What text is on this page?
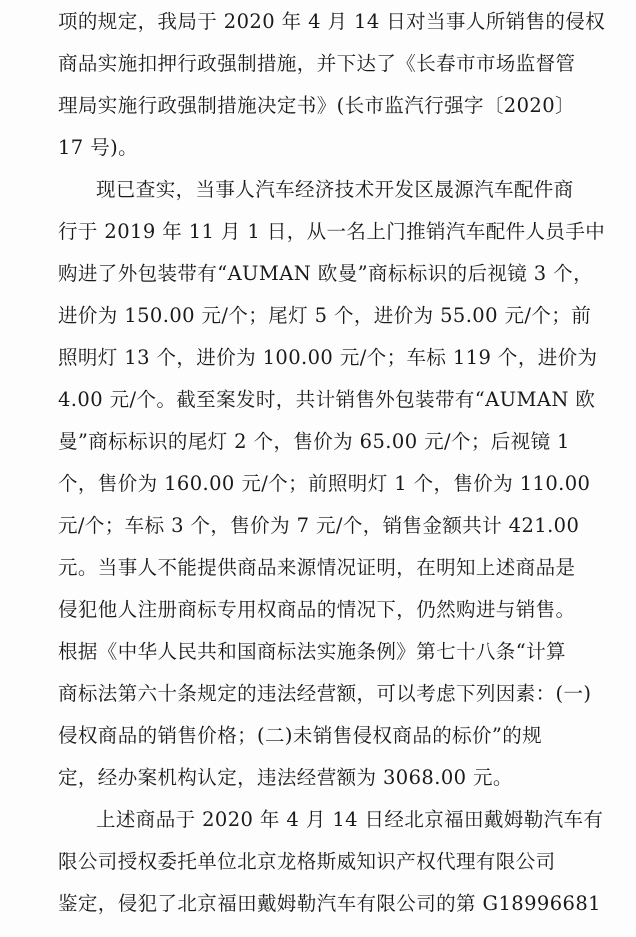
项的规定，我局于 2020 年 4 月 14 日对当事人所销售的侵权
商品实施扣押行政强制措施，并下达了《长春市市场监督管
理局实施行政强制措施决定书》(长市监汽行强字〔2020〕
17 号)。
现已查实，当事人汽车经济技术开发区晟源汽车配件商
行于 2019 年 11 月 1 日，从一名上门推销汽车配件人员手中
购进了外包装带有“AUMAN 欧曼”商标标识的后视镜 3 个，
进价为 150.00 元/个；尾灯 5 个，进价为 55.00 元/个；前
照明灯 13 个，进价为 100.00 元/个；车标 119 个，进价为
4.00 元/个。截至案发时，共计销售外包装带有“AUMAN 欧
曼”商标标识的尾灯 2 个，售价为 65.00 元/个；后视镜 1
个，售价为 160.00 元/个；前照明灯 1 个，售价为 110.00
元/个；车标 3 个，售价为 7 元/个，销售金额共计 421.00
元。当事人不能提供商品来源情况证明，在明知上述商品是
侵犯他人注册商标专用权商品的情况下，仍然购进与销售。
根据《中华人民共和国商标法实施条例》第七十八条“计算
商标法第六十条规定的违法经营额，可以考虑下列因素：(一)
侵权商品的销售价格；(二)未销售侵权商品的标价”的规
定，经办案机构认定，违法经营额为 3068.00 元。
上述商品于 2020 年 4 月 14 日经北京福田戴姆勒汽车有
限公司授权委托单位北京龙格斯威知识产权代理有限公司
鉴定，侵犯了北京福田戴姆勒汽车有限公司的第 G18996681
